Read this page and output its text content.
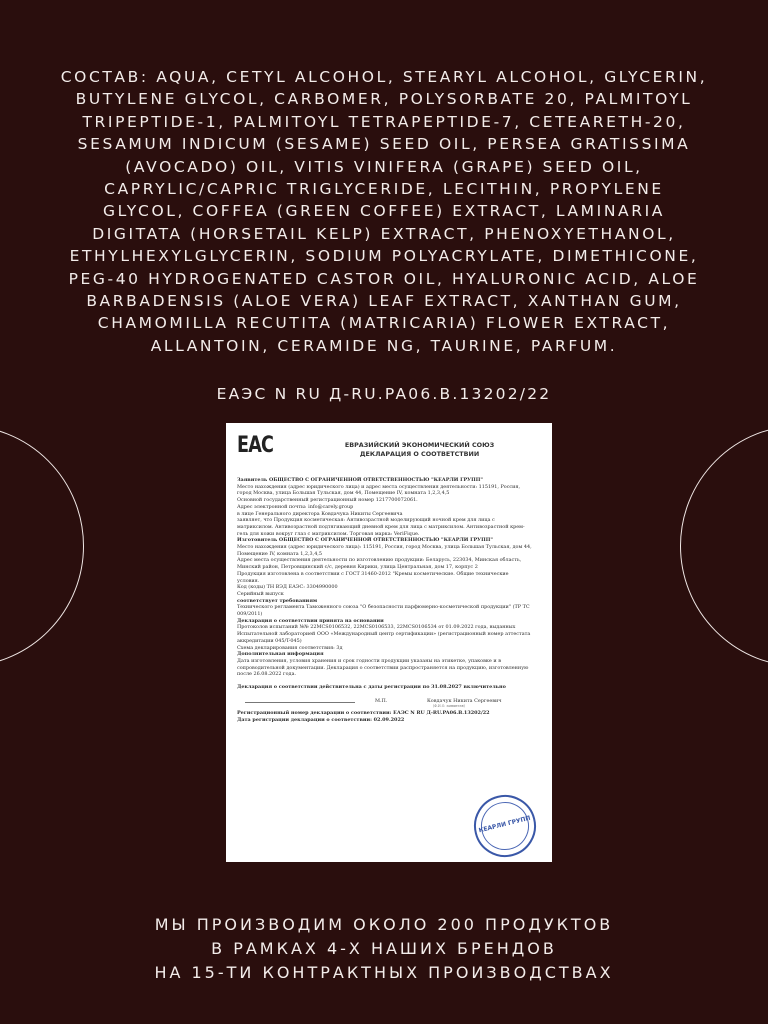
СОСТАВ: AQUA, CETYL ALCOHOL, STEARYL ALCOHOL, GLYCERIN, BUTYLENE GLYCOL, CARBOMER, POLYSORBATE 20, PALMITOYL TRIPEPTIDE-1, PALMITOYL TETRAPEPTIDE-7, CETEARETH-20, SESAMUM INDICUM (SESAME) SEED OIL, PERSEA GRATISSIMA (AVOCADO) OIL, VITIS VINIFERA (GRAPE) SEED OIL, CAPRYLIC/CAPRIC TRIGLYCERIDE, LECITHIN, PROPYLENE GLYCOL, COFFEA (GREEN COFFEE) EXTRACT, LAMINARIA DIGITATA (HORSETAIL KELP) EXTRACT, PHENOXYETHANOL, ETHYLHEXYLGLYCERIN, SODIUM POLYACRYLATE, DIMETHICONE, PEG-40 HYDROGENATED CASTOR OIL, HYALURONIC ACID, ALOE BARBADENSIS (ALOE VERA) LEAF EXTRACT, XANTHAN GUM, CHAMOMILLA RECUTITA (MATRICARIA) FLOWER EXTRACT, ALLANTOIN, CERAMIDE NG, TAURINE, PARFUM.

ЕАЭС N RU Д-RU.PA06.B.13202/22

EAC	ЕВРАЗИЙСКИЙ ЭКОНОМИЧЕСКИЙ СОЮЗ
ДЕКЛАРАЦИЯ О СООТВЕТСТВИИ

Заявитель ОБЩЕСТВО С ОГРАНИЧЕННОЙ ОТВЕТСТВЕННОСТЬЮ "КЕАРЛИ ГРУПП"

Место нахождения (адрес юридического лица) и адрес места осуществления деятельности: 115191, Россия,

город Москва, улица Большая Тульская, дом 44, Помещение IV, комната 1,2,3,4,5

Основной государственный регистрационный номер 1217700072061.

Адрес электронной почты: info@carely.group

в лице Генерального директора Ковдачука Никиты Сергеевича

заявляет, что Продукция косметическая: Антивозрастной моделирующий ночной крем для лица с

матриксилом. Антивозрастной подтягивающий дневной крем для лица с матриксилом. Антивозрастной крем-

гель для кожи вокруг глаз с матриксилом. Торговая марка: VeriFique.

Изготовитель ОБЩЕСТВО С ОГРАНИЧЕННОЙ ОТВЕТСТВЕННОСТЬЮ "КЕАРЛИ ГРУПП"

Место нахождения (адрес юридического лица): 115191, Россия, город Москва, улица Большая Тульская, дом 44,

Помещение IV, комната 1,2,3,4,5

Адрес места осуществления деятельности по изготовлению продукции: Беларусь, 223034, Минская область,

Минский район, Петровщинский с/с, деревня Кирики, улица Центральная, дом 17, корпус 2

Продукция изготовлена в соответствии с ГОСТ 31460-2012 "Кремы косметические. Общие технические

условия.

Код (коды) ТН ВЭД ЕАЭС: 3304990000

Серийный выпуск

соответствует требованиям

Технического регламента Таможенного союза "О безопасности парфюмерно-косметической продукции" (ТР ТС

009/2011)

Декларация о соответствии принята на основании

Протоколов испытаний №№ 22MCS0106532, 22MCS0106533, 22MCS0106534 от 01.09.2022 года, выданных

Испытательной лабораторией ООО «Международный центр сертификации» (регистрационный номер аттестата

аккредитации 045/T-045)

Схема декларирования соответствия: 3д

Дополнительная информация

Дата изготовления, условия хранения и срок годности продукции указаны на этикетке, упаковке и в

сопроводительной документации. Декларация о соответствии распространяется на продукцию, изготовленную

после 26.08.2022 года.

Декларация о соответствии действительна с даты регистрации по 31.08.2027 включительно

М.П.	Ковдачук Никита Сергеевич
(Ф.И.О. заявителя)

Регистрационный номер декларации о соответствии: ЕАЭС N RU Д-RU.PA06.B.13202/22

Дата регистрации декларации о соответствии: 02.09.2022

КЕАРЛИ ГРУПП
МЫ ПРОИЗВОДИМ ОКОЛО 200 ПРОДУКТОВ
В РАМКАХ 4-Х НАШИХ БРЕНДОВ
НА 15-ТИ КОНТРАКТНЫХ ПРОИЗВОДСТВАХ
